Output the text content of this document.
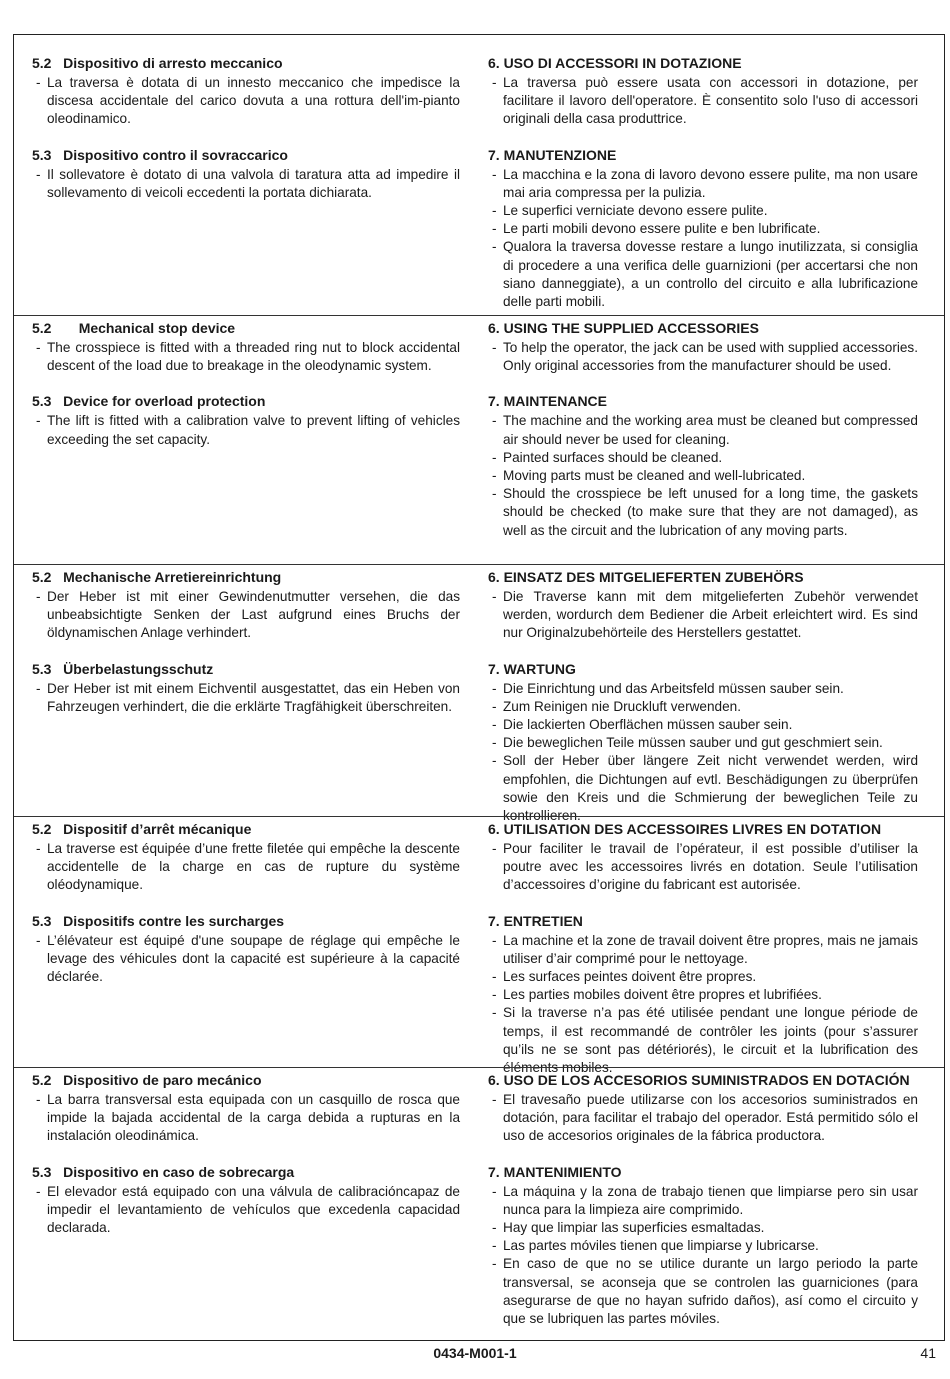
5.2   Dispositivo di arresto meccanico
- La traversa è dotata di un innesto meccanico che impedisce la discesa accidentale del carico dovuta a una rottura dell'im-pianto oleodinamico.
5.3   Dispositivo contro il sovraccarico
- Il sollevatore è dotato di una valvola di taratura atta ad impedire il sollevamento di veicoli eccedenti la portata dichiarata.
6. USO DI ACCESSORI IN DOTAZIONE
- La traversa può essere usata con accessori in dotazione, per facilitare il lavoro dell'operatore. È consentito solo l'uso di accessori originali della casa produttrice.
7. MANUTENZIONE
- La macchina e la zona di lavoro devono essere pulite, ma non usare mai aria compressa per la pulizia.
- Le superfici verniciate devono essere pulite.
- Le parti mobili devono essere pulite e ben lubrificate.
- Qualora la traversa dovesse restare a lungo inutilizzata, si consiglia di procedere a una verifica delle guarnizioni (per accertarsi che non siano danneggiate), a un controllo del circuito e alla lubrificazione delle parti mobili.
5.2       Mechanical stop device
- The crosspiece is fitted with a threaded ring nut to block accidental descent of the load due to breakage in the oleodynamic system.
5.3   Device for overload protection
- The lift is fitted with a calibration valve to prevent lifting of vehicles exceeding the set capacity.
6. USING THE SUPPLIED ACCESSORIES
- To help the operator, the jack can be used with supplied accessories. Only original accessories from the manufacturer should be used.
7. MAINTENANCE
- The machine and the working area must be cleaned but compressed air should never be used for cleaning.
- Painted surfaces should be cleaned.
- Moving parts must be cleaned and well-lubricated.
- Should the crosspiece be left unused for a long time, the gaskets should be checked (to make sure that they are not damaged), as well as the circuit and the lubrication of any moving parts.
5.2   Mechanische Arretiereinrichtung
- Der Heber ist mit einer Gewindenutmutter versehen, die das unbeabsichtigte Senken der Last aufgrund eines Bruchs der öldynamischen Anlage verhindert.
5.3   Überbelastungsschutz
- Der Heber ist mit einem Eichventil ausgestattet, das ein Heben von Fahrzeugen verhindert, die die erklärte Tragfähigkeit überschreiten.
6. EINSATZ DES MITGELIEFERTEN ZUBEHÖRS
- Die Traverse kann mit dem mitgelieferten Zubehör verwendet werden, wordurch dem Bediener die Arbeit erleichtert wird. Es sind nur Originalzubehörteile des Herstellers gestattet.
7. WARTUNG
- Die Einrichtung und das Arbeitsfeld müssen sauber sein.
- Zum Reinigen nie Druckluft verwenden.
- Die lackierten Oberflächen müssen sauber sein.
- Die beweglichen Teile müssen sauber und gut geschmiert sein.
- Soll der Heber über längere Zeit nicht verwendet werden, wird empfohlen, die Dichtungen auf evtl. Beschädigungen zu überprüfen sowie den Kreis und die Schmierung der beweglichen Teile zu kontrollieren.
5.2   Dispositif d’arrêt mécanique
- La traverse est équipée d’une frette filetée qui empêche la descente accidentelle de la charge en cas de rupture du système oléodynamique.
5.3   Dispositifs contre les surcharges
- L’élévateur est équipé d'une soupape de réglage qui empêche le levage des véhicules dont la capacité est supérieure à la capacité déclarée.
6. UTILISATION DES ACCESSOIRES LIVRES EN DOTATION
- Pour faciliter le travail de l’opérateur, il est possible d’utiliser la poutre avec les accessoires livrés en dotation. Seule l’utilisation d’accessoires d’origine du fabricant est autorisée.
7. ENTRETIEN
- La machine et la zone de travail doivent être propres, mais ne jamais utiliser d’air comprimé pour le nettoyage.
- Les surfaces peintes doivent être propres.
- Les parties mobiles doivent être propres et lubrifiées.
- Si la traverse n’a pas été utilisée pendant une longue période de temps, il est recommandé de contrôler les joints (pour s’assurer qu’ils ne se sont pas détériorés), le circuit et la lubrification des éléments mobiles.
5.2   Dispositivo de paro mecánico
- La barra transversal esta equipada con un casquillo de rosca que impide la bajada accidental de la carga debida a rupturas en la instalación oleodinámica.
5.3   Dispositivo en caso de sobrecarga
- El elevador está equipado con una válvula de calibracióncapaz de impedir el levantamiento de vehículos que excedenla capacidad declarada.
6. USO DE LOS ACCESORIOS SUMINISTRADOS EN DOTACIÓN
- El travesaño puede utilizarse con los accesorios suministrados en dotación, para facilitar el trabajo del operador. Está permitido sólo el uso de accesorios originales de la fábrica productora.
7. MANTENIMIENTO
- La máquina y la zona de trabajo tienen que limpiarse pero sin usar nunca para la limpieza aire comprimido.
- Hay que limpiar las superficies esmaltadas.
- Las partes móviles tienen que limpiarse y lubricarse.
- En caso de que no se utilice durante un largo periodo la parte transversal, se aconseja que se controlen las guarniciones (para asegurarse de que no hayan sufrido daños), así como el circuito y que se lubriquen las partes móviles.
0434-M001-1	41
